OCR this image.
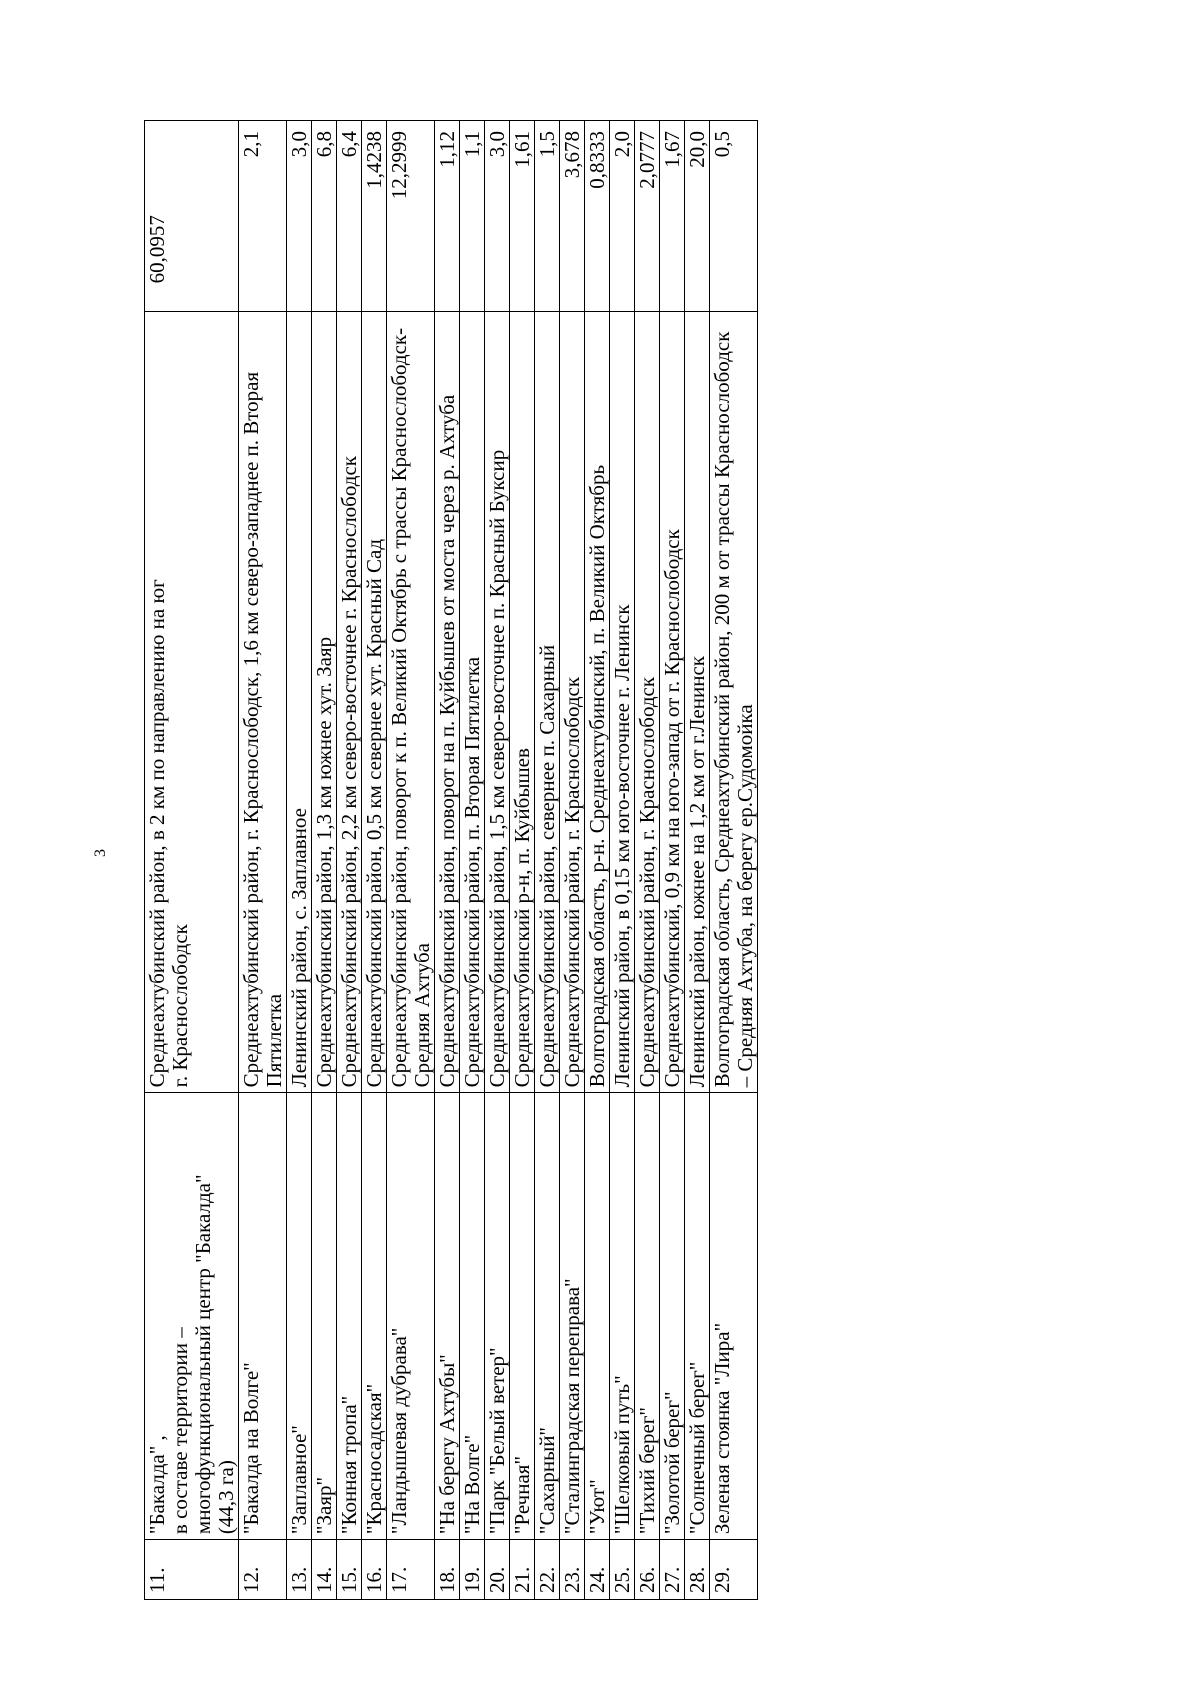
3
11.	"Бакалда" ,
в составе территории –
многофункциональный центр "Бакалда"
(44,3 га)	Среднеахтубинский район, в 2 км по направлению на юг
г. Краснослободск	60,0957
12.	"Бакалда на Волге"	Среднеахтубинский район, г. Краснослободск, 1,6 км северо-западнее п. Вторая Пятилетка	2,1
13.	"Заплавное"	Ленинский район, с. Заплавное	3,0
14.	"Заяр"	Среднеахтубинский район, 1,3 км южнее хут. Заяр	6,8
15.	"Конная тропа"	Среднеахтубинский район, 2,2 км северо-восточнее г. Краснослободск	6,4
16.	"Красносадская"	Среднеахтубинский район, 0,5 км севернее хут. Красный Сад	1,4238
17.	"Ландышевая дубрава"	Среднеахтубинский район, поворот к п. Великий Октябрь с трассы Краснослободск-Средняя Ахтуба	12,2999
18.	"На берегу Ахтубы"	Среднеахтубинский район, поворот на п. Куйбышев от моста через р. Ахтуба	1,12
19.	"На Волге"	Среднеахтубинский район, п. Вторая Пятилетка	1,1
20.	"Парк "Белый ветер"	Среднеахтубинский район, 1,5 км северо-восточнее п. Красный Буксир	3,0
21.	"Речная"	Среднеахтубинский р-н, п. Куйбышев	1,61
22.	"Сахарный"	Среднеахтубинский район, севернее п. Сахарный	1,5
23.	"Сталинградская переправа"	Среднеахтубинский район, г. Краснослободск	3,678
24.	"Уют"	Волгоградская область, р-н. Среднеахтубинский, п. Великий Октябрь	0,8333
25.	"Шелковый путь"	Ленинский район, в 0,15 км юго-восточнее г. Ленинск	2,0
26.	"Тихий берег"	Среднеахтубинский район, г. Краснослободск	2,0777
27.	"Золотой берег"	Среднеахтубинский, 0,9 км на юго-запад от г. Краснослободск	1,67
28.	"Солнечный берег"	Ленинский район, южнее на 1,2 км от г.Ленинск	20,0
29.	Зеленая стоянка "Лира"	Волгоградская область, Среднеахтубинский район, 200 м от трассы Краснослободск – Средняя Ахтуба, на берегу ер.Судомойка	0,5
